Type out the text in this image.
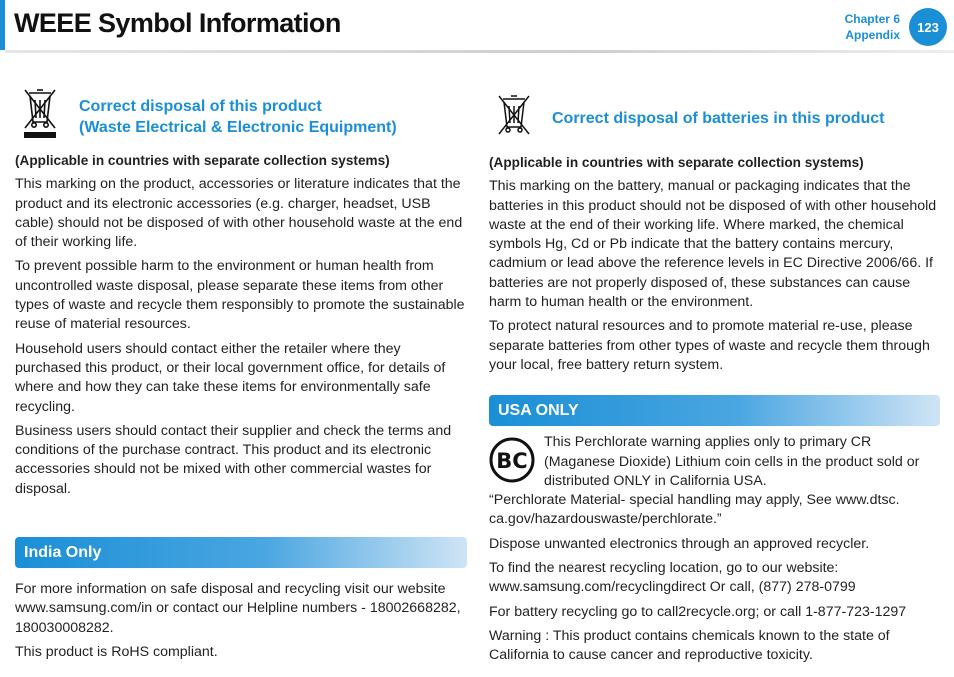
WEEE Symbol Information	Chapter 6
Appendix
123
Correct disposal of this product
(Waste Electrical & Electronic Equipment)

(Applicable in countries with separate collection systems)

This marking on the product, accessories or literature indicates that the product and its electronic accessories (e.g. charger, headset, USB cable) should not be disposed of with other household waste at the end of their working life.

To prevent possible harm to the environment or human health from uncontrolled waste disposal, please separate these items from other types of waste and recycle them responsibly to promote the sustainable reuse of material resources.

Household users should contact either the retailer where they purchased this product, or their local government office, for details of where and how they can take these items for environmentally safe recycling.

Business users should contact their supplier and check the terms and conditions of the purchase contract. This product and its electronic accessories should not be mixed with other commercial wastes for disposal.

India Only

For more information on safe disposal and recycling visit our website www.samsung.com/in or contact our Helpline numbers - 18002668282, 180030008282.

This product is RoHS compliant.

Correct disposal of batteries in this product

(Applicable in countries with separate collection systems)

This marking on the battery, manual or packaging indicates that the batteries in this product should not be disposed of with other household waste at the end of their working life. Where marked, the chemical symbols Hg, Cd or Pb indicate that the battery contains mercury, cadmium or lead above the reference levels in EC Directive 2006/66. If batteries are not properly disposed of, these substances can cause harm to human health or the environment.

To protect natural resources and to promote material re-use, please separate batteries from other types of waste and recycle them through your local, free battery return system.

USA ONLY
BC

This Perchlorate warning applies only to primary CR (Maganese Dioxide) Lithium coin cells in the product sold or distributed ONLY in California USA.

“Perchlorate Material- special handling may apply, See www.dtsc. ca.gov/hazardouswaste/perchlorate.”

Dispose unwanted electronics through an approved recycler.

To find the nearest recycling location, go to our website: www.samsung.com/recyclingdirect Or call, (877) 278-0799

For battery recycling go to call2recycle.org; or call 1-877-723-1297

Warning : This product contains chemicals known to the state of California to cause cancer and reproductive toxicity.
